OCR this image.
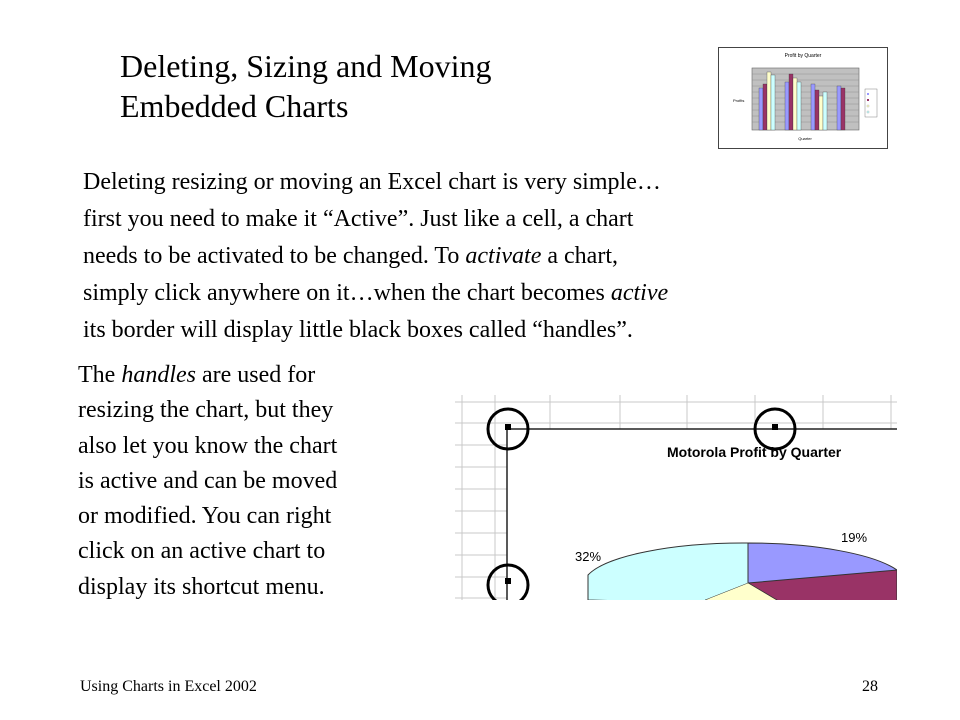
Deleting, Sizing and Moving
Embedded Charts
Profit by Quarter
Quarter
Profits
Deleting resizing or moving an Excel chart is very simple…
first you need to make it “Active”. Just like a cell, a chart
needs to be activated to be changed. To activate a chart,
simply click anywhere on it…when the chart becomes active
its border will display little black boxes called “handles”.
The handles are used for
resizing the chart, but they
also let you know the chart
is active and can be moved
or modified. You can right
click on an active chart to
display its shortcut menu.
Motorola Profit by Quarter
19%
32%
Using Charts in Excel 2002	28
